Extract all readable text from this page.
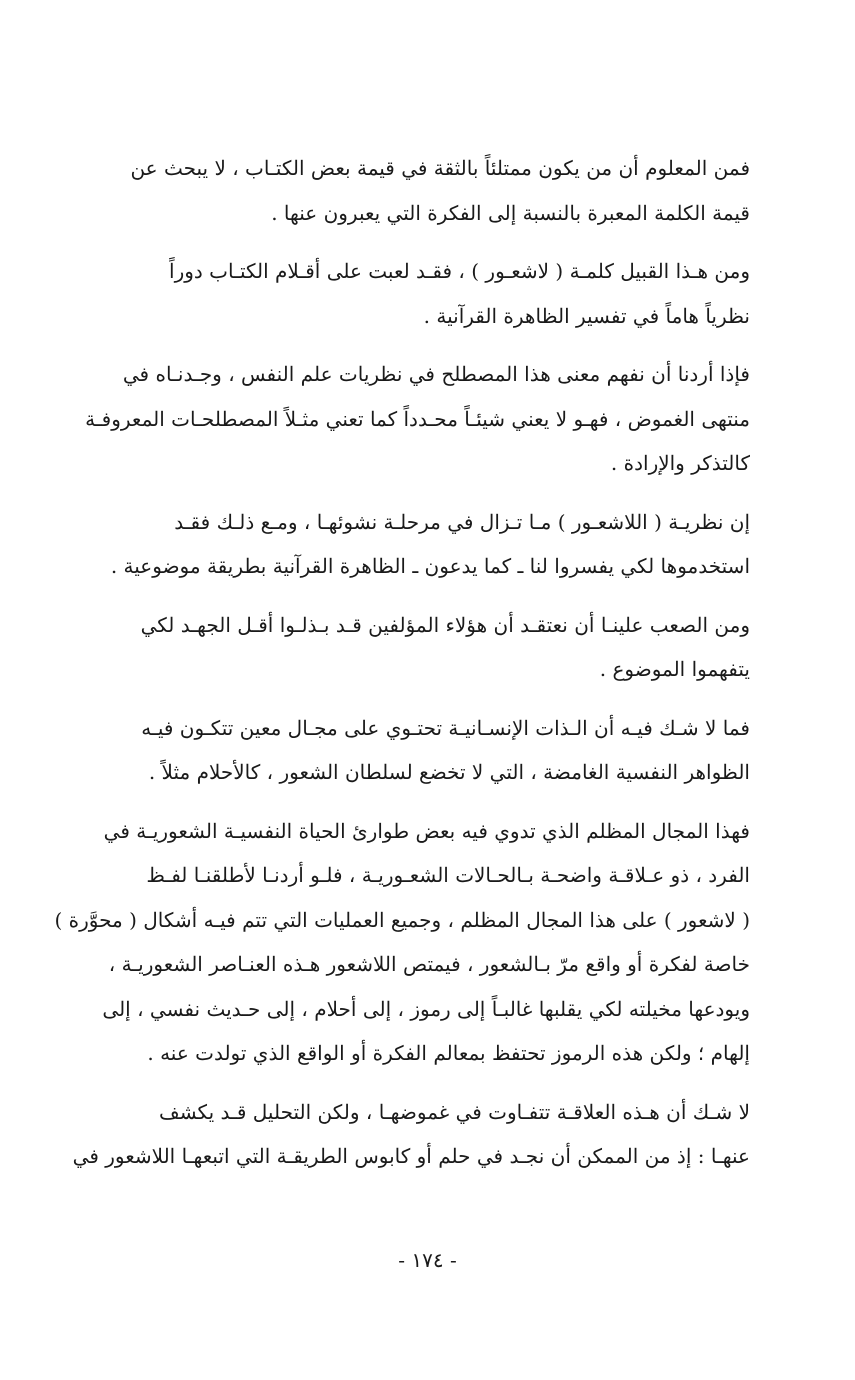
فمن المعلوم أن من يكون ممتلئاً بالثقة في قيمة بعض الكتـاب ، لا يبحث عن
قيمة الكلمة المعبرة بالنسبة إلى الفكرة التي يعبرون عنها .

ومن هـذا القبيل كلمـة ( لاشعـور ) ، فقـد لعبت على أقـلام الكتـاب دوراً
نظرياً هاماً في تفسير الظاهرة القرآنية .

فإذا أردنا أن نفهم معنى هذا المصطلح في نظريات علم النفس ، وجـدنـاه في
منتهى الغموض ، فهـو لا يعني شيئـاً محـدداً كما تعني مثـلاً المصطلحـات المعروفـة
كالتذكر والإرادة .

إن نظريـة ( اللاشعـور ) مـا تـزال في مرحلـة نشوئهـا ، ومـع ذلـك فقـد
استخدموها لكي يفسروا لنا ـ كما يدعون ـ الظاهرة القرآنية بطريقة موضوعية .

ومن الصعب علينـا أن نعتقـد أن هؤلاء المؤلفين قـد بـذلـوا أقـل الجهـد لكي
يتفهموا الموضوع .

فما لا شـك فيـه أن الـذات الإنسـانيـة تحتـوي على مجـال معين تتكـون فيـه
الظواهر النفسية الغامضة ، التي لا تخضع لسلطان الشعور ، كالأحلام مثلاً .

فهذا المجال المظلم الذي تدوي فيه بعض طوارئ الحياة النفسيـة الشعوريـة في
الفرد ، ذو عـلاقـة واضحـة بـالحـالات الشعـوريـة ، فلـو أردنـا لأطلقنـا لفـظ
( لاشعور ) على هذا المجال المظلم ، وجميع العمليات التي تتم فيـه أشكال ( محوَّرة )
خاصة لفكرة أو واقع مرّ بـالشعور ، فيمتص اللاشعور هـذه العنـاصر الشعوريـة ،
ويودعها مخيلته لكي يقلبها غالبـاً إلى رموز ، إلى أحلام ، إلى حـديث نفسي ، إلى
إلهام ؛ ولكن هذه الرموز تحتفظ بمعالم الفكرة أو الواقع الذي تولدت عنه .

لا شـك أن هـذه العلاقـة تتفـاوت في غموضهـا ، ولكن التحليل قـد يكشف
عنهـا : إذ من الممكن أن نجـد في حلم أو كابوس الطريقـة التي اتبعهـا اللاشعور في

- ١٧٤ -
